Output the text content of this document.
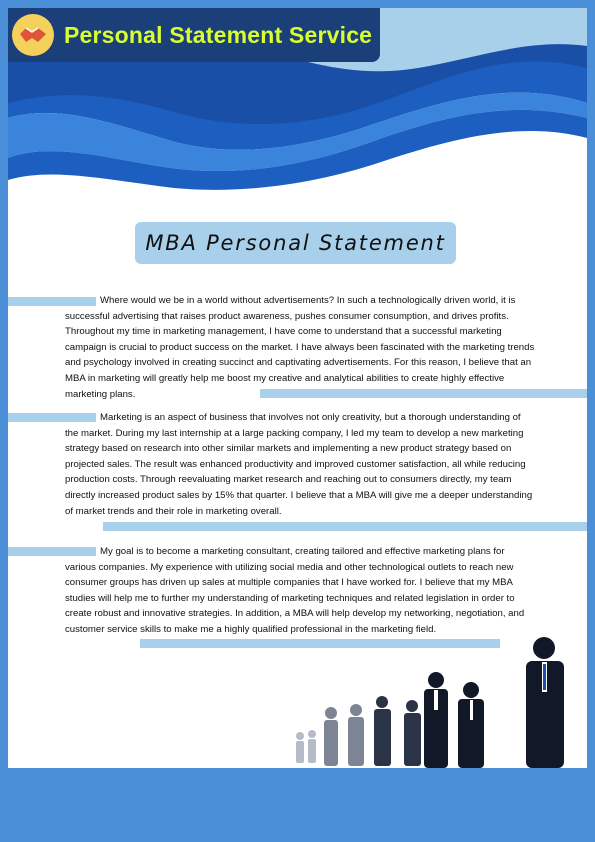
Personal Statement Service
MBA Personal Statement

Where would we be in a world without advertisements? In such a technologically driven world, it is successful advertising that raises product awareness, pushes consumer consumption, and drives profits. Throughout my time in marketing management, I have come to understand that a successful marketing campaign is crucial to product success on the market. I have always been fascinated with the marketing trends and psychology involved in creating succinct and captivating advertisements. For this reason, I believe that an MBA in marketing will greatly help me boost my creative and analytical abilities to create highly effective marketing plans.

Marketing is an aspect of business that involves not only creativity, but a thorough understanding of the market. During my last internship at a large packing company, I led my team to develop a new marketing strategy based on research into other similar markets and implementing a new product strategy based on projected sales. The result was enhanced productivity and improved customer satisfaction, all while reducing production costs. Through reevaluating market research and reaching out to consumers directly, my team directly increased product sales by 15% that quarter. I believe that a MBA will give me a deeper understanding of market trends and their role in marketing overall.

My goal is to become a marketing consultant, creating tailored and effective marketing plans for various companies. My experience with utilizing social media and other technological outlets to reach new consumer groups has driven up sales at multiple companies that I have worked for. I believe that my MBA studies will help me to further my understanding of marketing techniques and related legislation in order to create robust and innovative strategies. In addition, a MBA will help develop my networking, negotiation, and customer service skills to make me a highly qualified professional in the marketing field.
